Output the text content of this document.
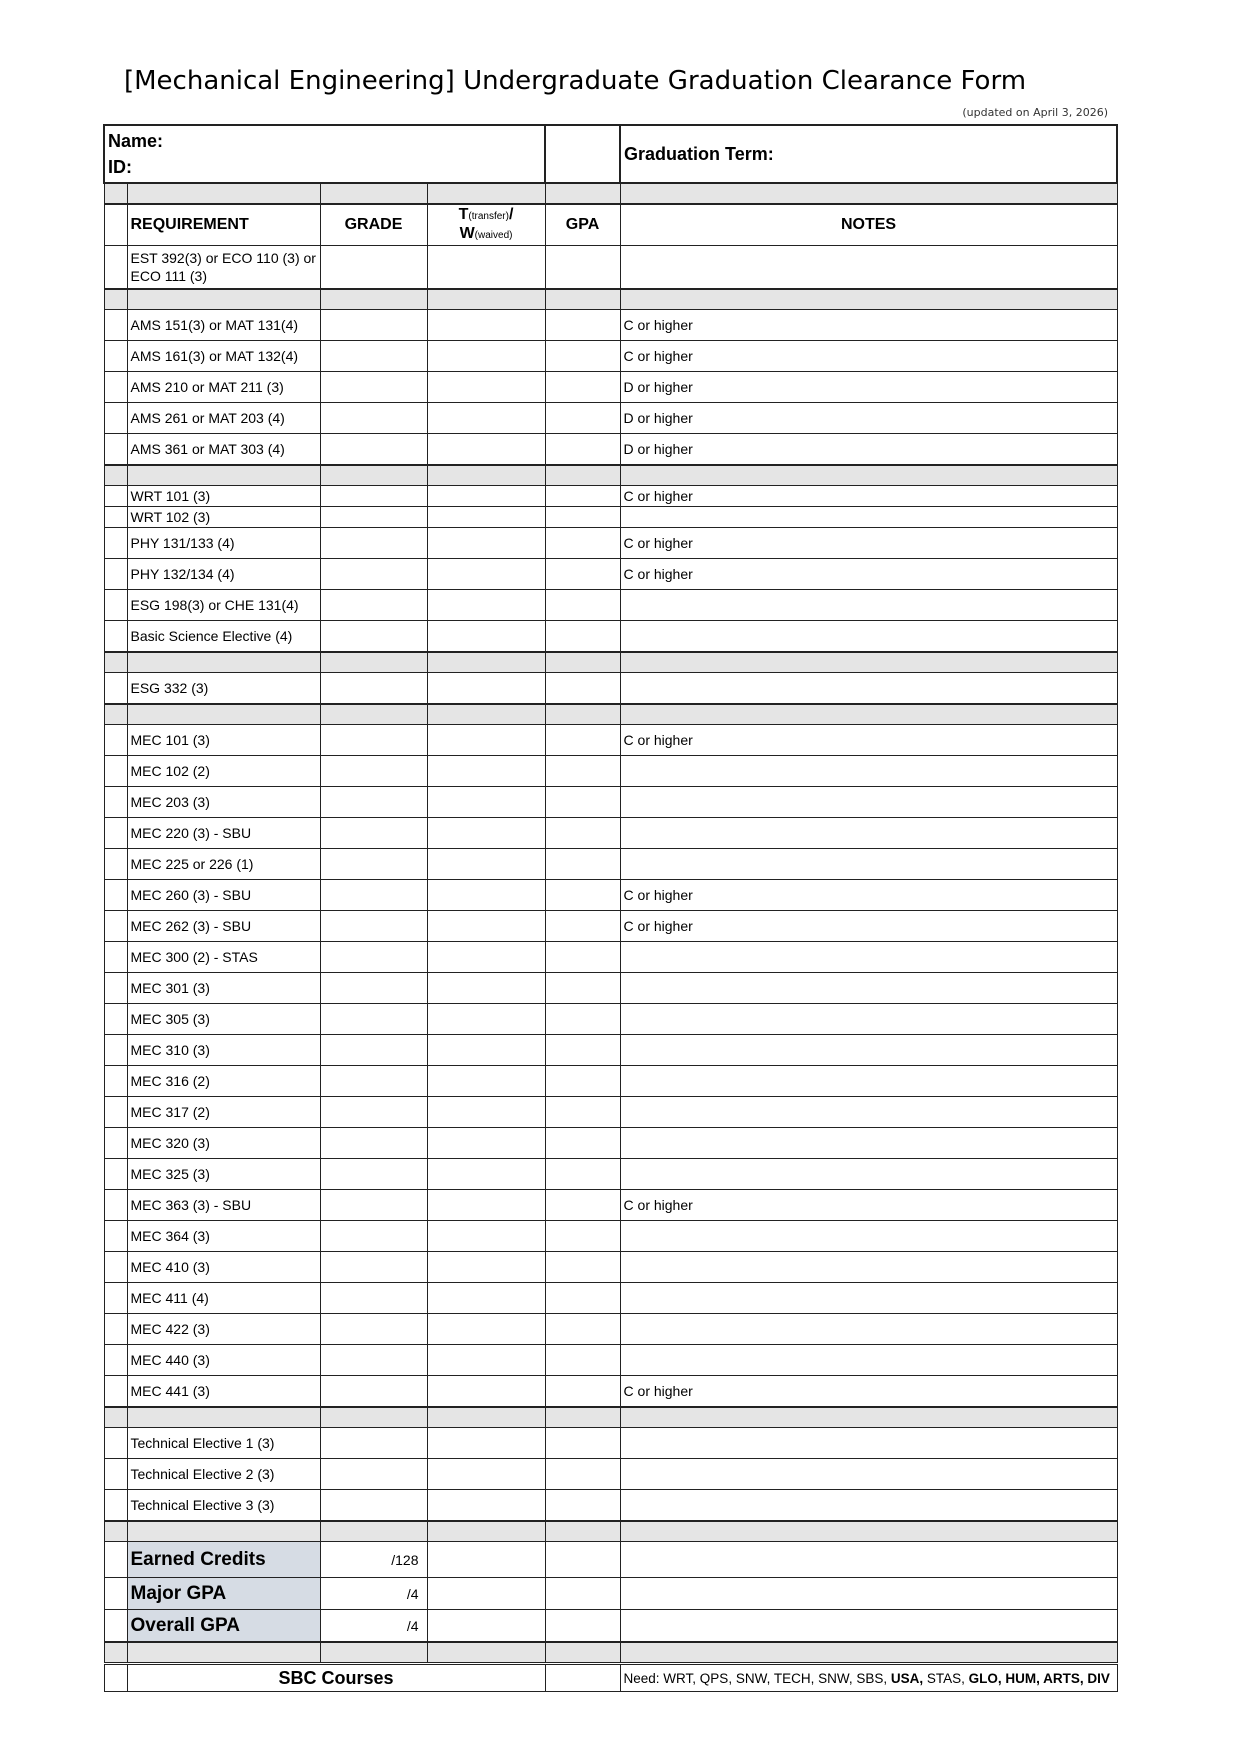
[Mechanical Engineering] Undergraduate Graduation Clearance Form
(updated on April 3, 2026)
Name:
ID:					Graduation Term:

	REQUIREMENT	GRADE	T(transfer)/
W(waived)	GPA	NOTES
	EST 392(3) or ECO 110 (3) or ECO 111 (3)				

	AMS 151(3) or MAT 131(4)				C or higher
	AMS 161(3) or MAT 132(4)				C or higher
	AMS 210 or MAT 211 (3)				D or higher
	AMS 261 or MAT 203 (4)				D or higher
	AMS 361 or MAT 303 (4)				D or higher

	WRT 101 (3)				C or higher
	WRT 102 (3)				
	PHY 131/133 (4)				C or higher
	PHY 132/134 (4)				C or higher
	ESG 198(3) or CHE 131(4)				
	Basic Science Elective (4)				

	ESG 332 (3)				

	MEC 101 (3)				C or higher
	MEC 102 (2)				
	MEC 203 (3)				
	MEC 220 (3) - SBU				
	MEC 225 or 226 (1)				
	MEC 260 (3) - SBU				C or higher
	MEC 262 (3) - SBU				C or higher
	MEC 300 (2) - STAS				
	MEC 301 (3)				
	MEC 305 (3)				
	MEC 310 (3)				
	MEC 316 (2)				
	MEC 317 (2)				
	MEC 320 (3)				
	MEC 325 (3)				
	MEC 363 (3) - SBU				C or higher
	MEC 364 (3)				
	MEC 410 (3)				
	MEC 411 (4)				
	MEC 422 (3)				
	MEC 440 (3)				
	MEC 441 (3)				C or higher

	Technical Elective 1 (3)				
	Technical Elective 2 (3)				
	Technical Elective 3 (3)				

	Earned Credits	/128			
	Major GPA	/4			
	Overall GPA	/4			

	SBC Courses				Need: WRT, QPS, SNW, TECH, SNW, SBS, USA, STAS, GLO, HUM, ARTS, DIV
